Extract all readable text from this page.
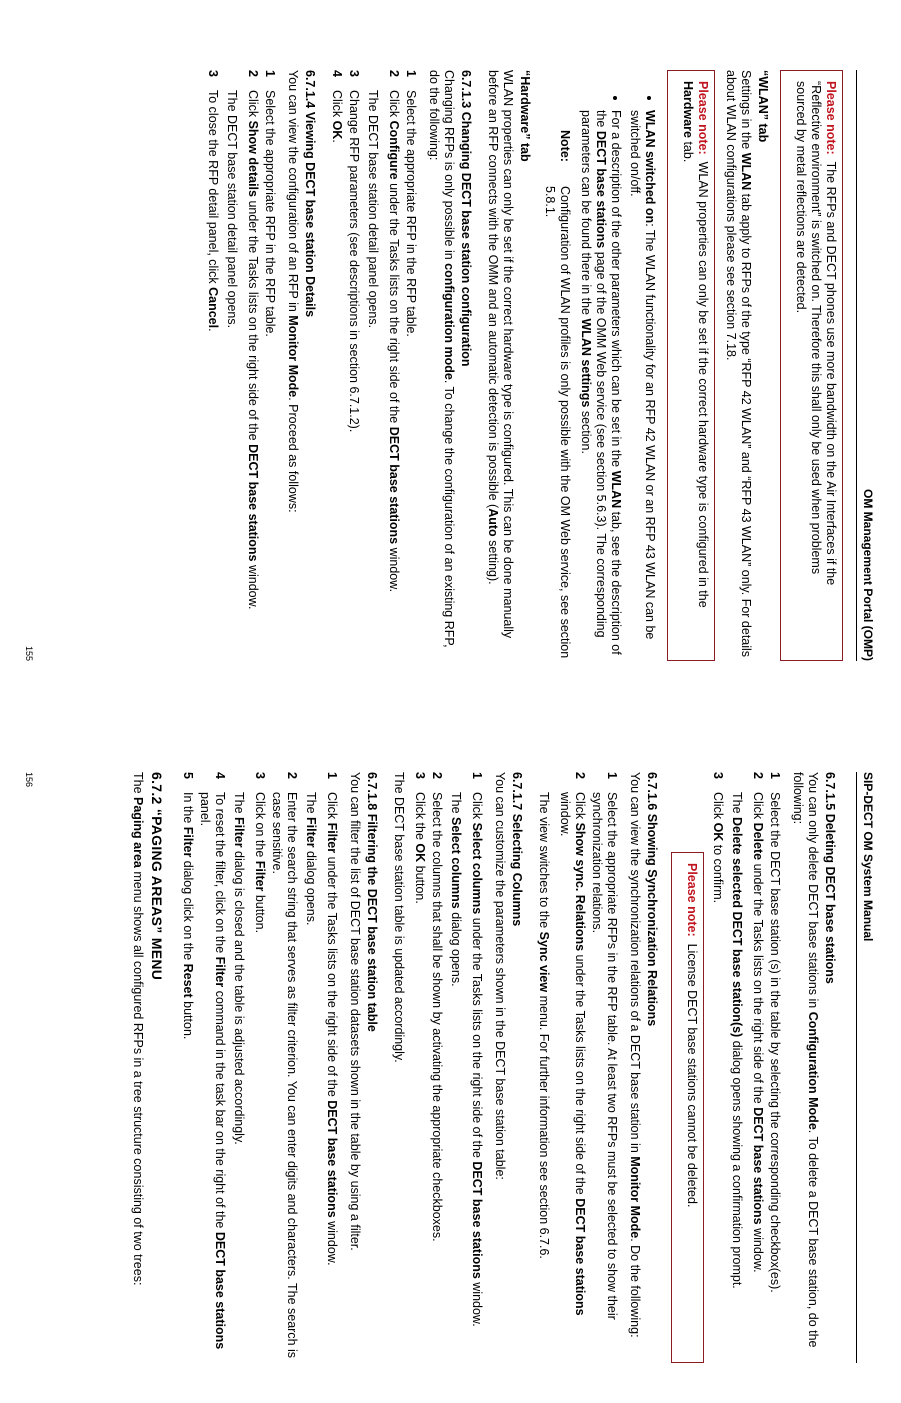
OM Management Portal (OMP)

Please note:  The RFPs and DECT phones use more bandwidth on the Air Interfaces if the “Reflective environment” is switched on. Therefore this shall only be used when problems sourced by metal reflections are detected.

“WLAN” tab

Settings in the WLAN tab apply to RFPs of the type “RFP 42 WLAN” and “RFP 43 WLAN” only. For details about WLAN configurations please see section 7.18.

Please note:  WLAN properties can only be set if the correct hardware type is configured in the Hardware tab.

• WLAN switched on: The WLAN functionality for an RFP 42 WLAN or an RFP 43 WLAN can be switched on/off.
• For a description of the other parameters which can be set in the WLAN tab, see the description of the DECT base stations page of the OMM Web service (see section 5.6.3). The corresponding parameters can be found there in the WLAN settings section.
Note:
Configuration of WLAN profiles is only possible with the OM Web service, see section 5.8.1.
“Hardware” tab

WLAN properties can only be set if the correct hardware type is configured. This can be done manually before an RFP connects with the OMM and an automatic detection is possible (Auto setting).

6.7.1.3 Changing DECT base station configuration

Changing RFPs is only possible in configuration mode. To change the configuration of an existing RFP, do the following:

1
Select the appropriate RFP in the RFP table.
2
Click Configure under the Tasks lists on the right side of the DECT base stations window.
The DECT base station detail panel opens.
3
Change RFP parameters (see descriptions in section 6.7.1.2).
4
Click OK.
6.7.1.4 Viewing DECT base station Details

You can view the configuration of an RFP in Monitor Mode. Proceed as follows:

1
Select the appropriate RFP in the RFP table.
2
Click Show details under the Tasks lists on the right side of the DECT base stations window.
The DECT base station detail panel opens.
3
To close the RFP detail panel, click Cancel.
155
SIP-DECT OM System Manual
6.7.1.5 Deleting DECT base stations

You can only delete DECT base stations in Configuration Mode. To delete a DECT base station, do the following:

1
Select the DECT base station (s) in the table by selecting the corresponding checkbox(es).
2
Click Delete under the Tasks lists on the right side of the DECT base stations window.
The Delete selected DECT base station(s) dialog opens showing a confirmation prompt.
3
Click OK to confirm.

Please note:  License DECT base stations cannot be deleted.

6.7.1.6 Showing Synchronization Relations

You can view the synchronization relations of a DECT base station in Monitor Mode. Do the following:

1
Select the appropriate RFPs in the RFP table. At least two RFPs must be selected to show their synchronization relations.
2
Click Show sync. Relations under the Tasks lists on the right side of the DECT base stations window.
The view switches to the Sync view menu. For further information see section 6.7.6.
6.7.1.7 Selecting Columns

You can customize the parameters shown in the DECT base station table:

1
Click Select columns under the Tasks lists on the right side of the DECT base stations window.
The Select columns dialog opens.
2
Select the columns that shall be shown by activating the appropriate checkboxes.
3
Click the OK button.

The DECT base station table is updated accordingly.

6.7.1.8 Filtering the DECT base station table

You can filter the list of DECT base station datasets shown in the table by using a filter.

1
Click Filter under the Tasks lists on the right side of the DECT base stations window.
The Filter dialog opens.
2
Enter the search string that serves as filter criterion. You can enter digits and characters. The search is case sensitive.
3
Click on the Filter button.
The Filter dialog is closed and the table is adjusted accordingly.
4
To reset the filter, click on the Filter command in the task bar on the right of the DECT base stations panel.
5
In the Filter dialog click on the Reset button.
6.7.2 “PAGING AREAS” MENU

The Paging area menu shows all configured RFPs in a tree structure consisting of two trees:

156
